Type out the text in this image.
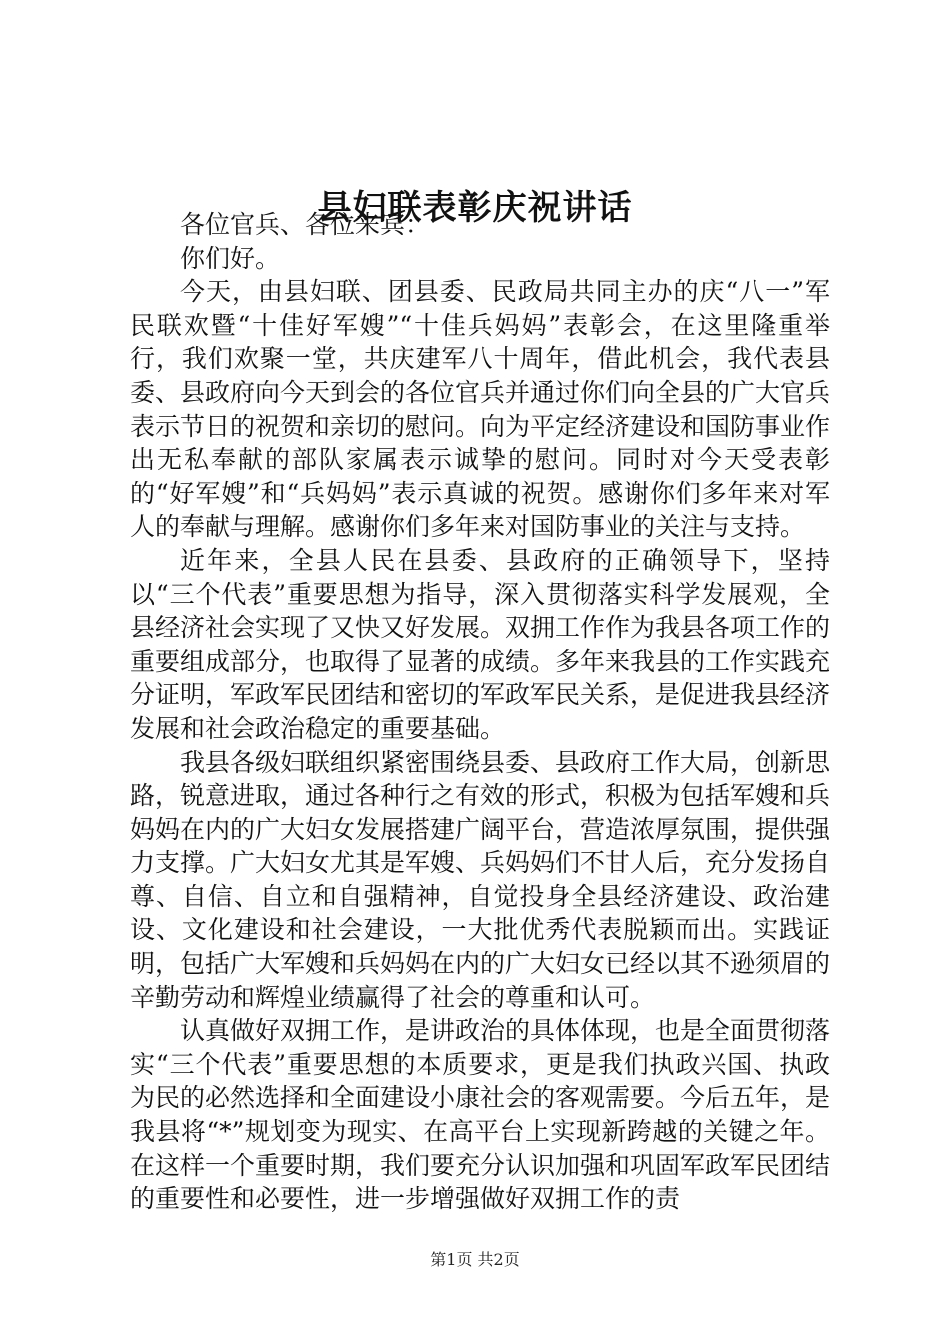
县妇联表彰庆祝讲话

各位官兵、各位来宾：

你们好。

今天，由县妇联、团县委、民政局共同主办的庆“八一”军民联欢暨“十佳好军嫂”“十佳兵妈妈”表彰会，在这里隆重举行，我们欢聚一堂，共庆建军八十周年，借此机会，我代表县委、县政府向今天到会的各位官兵并通过你们向全县的广大官兵表示节日的祝贺和亲切的慰问。向为平定经济建设和国防事业作出无私奉献的部队家属表示诚挚的慰问。同时对今天受表彰的“好军嫂”和“兵妈妈”表示真诚的祝贺。感谢你们多年来对军人的奉献与理解。感谢你们多年来对国防事业的关注与支持。

近年来，全县人民在县委、县政府的正确领导下，坚持以“三个代表”重要思想为指导，深入贯彻落实科学发展观，全县经济社会实现了又快又好发展。双拥工作作为我县各项工作的重要组成部分，也取得了显著的成绩。多年来我县的工作实践充分证明，军政军民团结和密切的军政军民关系，是促进我县经济发展和社会政治稳定的重要基础。

我县各级妇联组织紧密围绕县委、县政府工作大局，创新思路，锐意进取，通过各种行之有效的形式，积极为包括军嫂和兵妈妈在内的广大妇女发展搭建广阔平台，营造浓厚氛围，提供强力支撑。广大妇女尤其是军嫂、兵妈妈们不甘人后，充分发扬自尊、自信、自立和自强精神，自觉投身全县经济建设、政治建设、文化建设和社会建设，一大批优秀代表脱颖而出。实践证明，包括广大军嫂和兵妈妈在内的广大妇女已经以其不逊须眉的辛勤劳动和辉煌业绩赢得了社会的尊重和认可。

认真做好双拥工作，是讲政治的具体体现，也是全面贯彻落实“三个代表”重要思想的本质要求，更是我们执政兴国、执政为民的必然选择和全面建设小康社会的客观需要。今后五年，是我县将“*”规划变为现实、在高平台上实现新跨越的关键之年。在这样一个重要时期，我们要充分认识加强和巩固军政军民团结的重要性和必要性，进一步增强做好双拥工作的责

第1页 共2页
